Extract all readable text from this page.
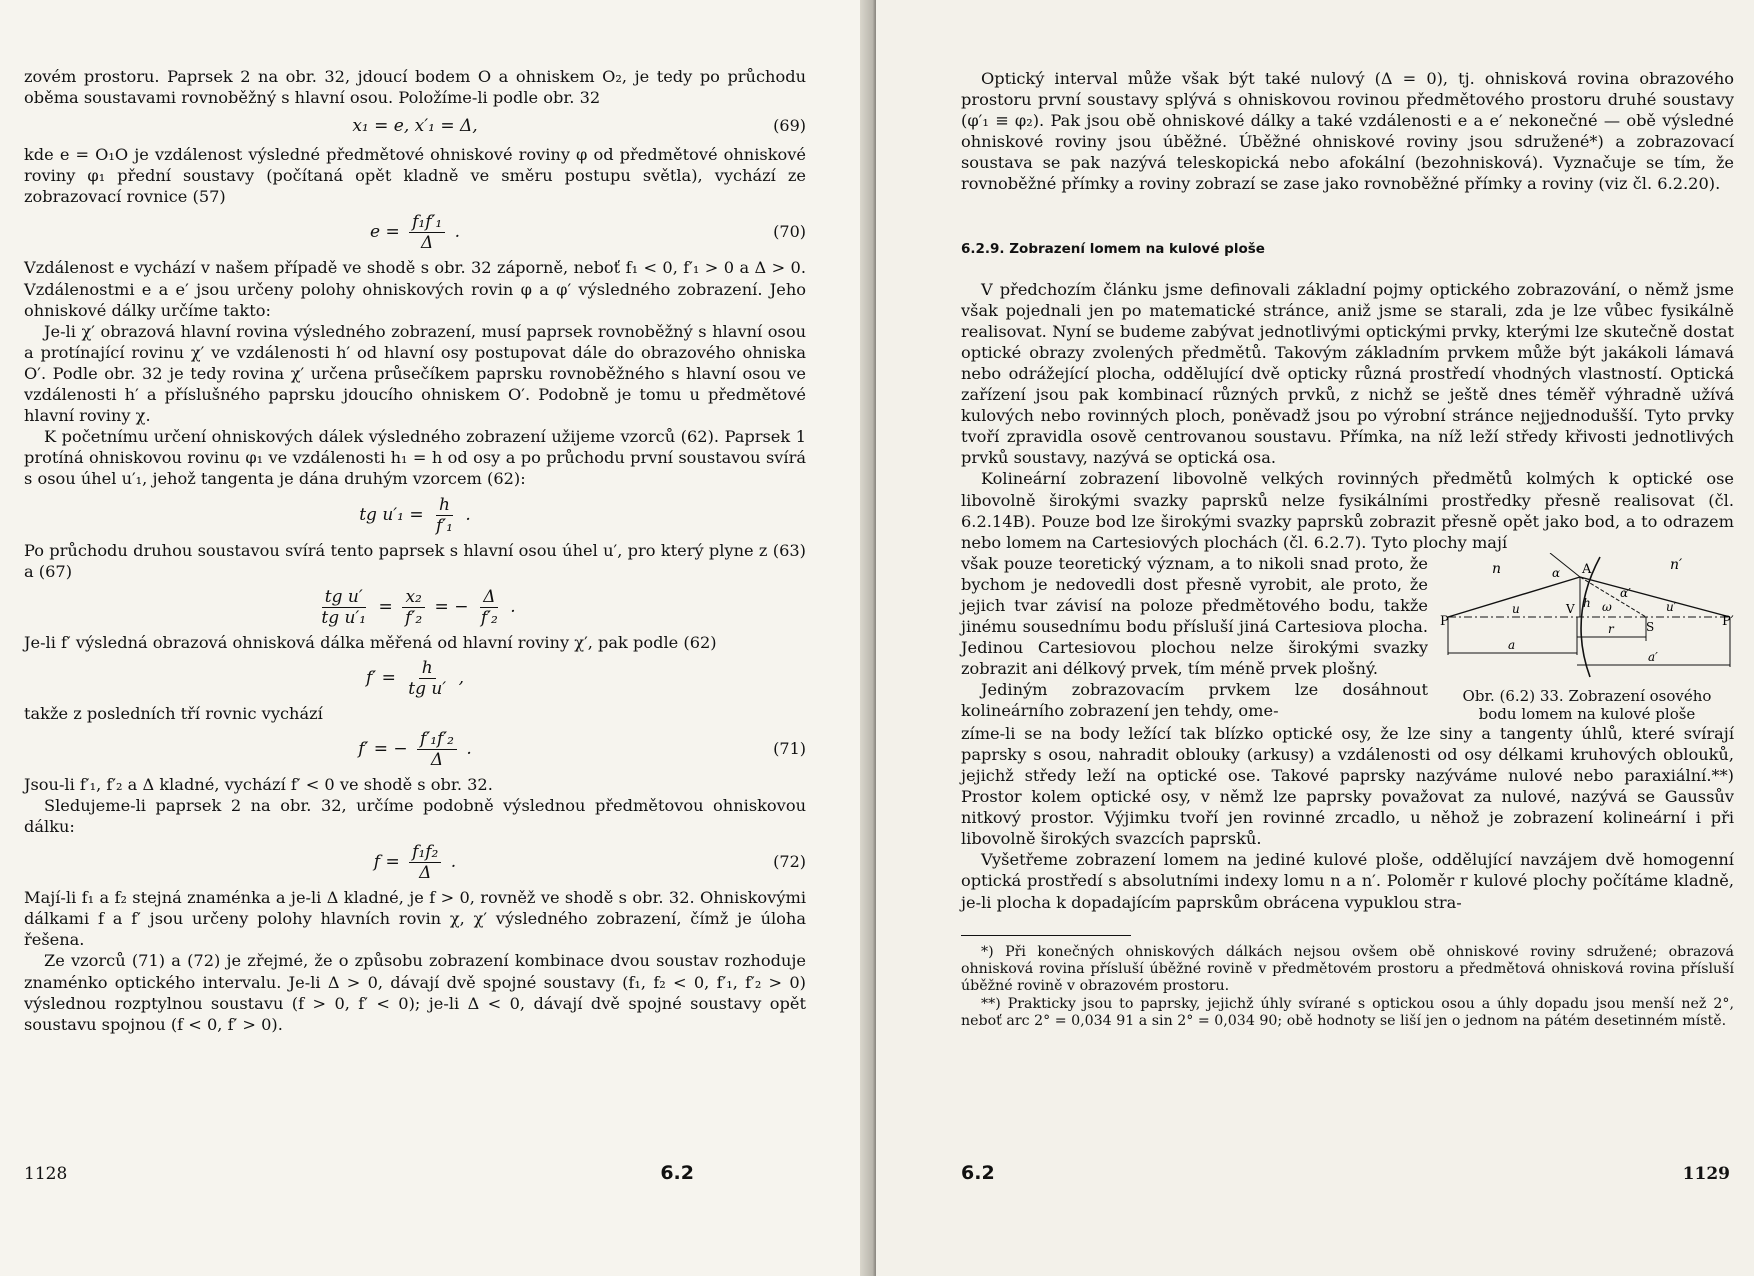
zovém prostoru. Paprsek 2 na obr. 32, jdoucí bodem O a ohniskem O₂, je tedy po průchodu oběma soustavami rovnoběžný s hlavní osou. Položíme-li podle obr. 32

x₁ = e, x′₁ = Δ,	(69)

kde e = O₁O je vzdálenost výsledné předmětové ohniskové roviny φ od předmětové ohniskové roviny φ₁ přední soustavy (počítaná opět kladně ve směru postupu světla), vychází ze zobrazovací rovnice (57)

$e = \frac{\text{f₁f′₁}}{\Delta}$ .	(70)

Vzdálenost e vychází v našem případě ve shodě s obr. 32 záporně, neboť f₁ < 0, f′₁ > 0 a Δ > 0. Vzdálenostmi e a e′ jsou určeny polohy ohniskových rovin φ a φ′ výsledného zobrazení. Jeho ohniskové dálky určíme takto:

Je-li χ′ obrazová hlavní rovina výsledného zobrazení, musí paprsek rovnoběžný s hlavní osou a protínající rovinu χ′ ve vzdálenosti h′ od hlavní osy postupovat dále do obrazového ohniska O′. Podle obr. 32 je tedy rovina χ′ určena průsečíkem paprsku rovnoběžného s hlavní osou ve vzdálenosti h′ a příslušného paprsku jdoucího ohniskem O′. Podobně je tomu u předmětové hlavní roviny χ.

K početnímu určení ohniskových dálek výsledného zobrazení užijeme vzorců (62). Paprsek 1 protíná ohniskovou rovinu φ₁ ve vzdálenosti h₁ = h od osy a po průchodu první soustavou svírá s osou úhel u′₁, jehož tangenta je dána druhým vzorcem (62):

tg $u'_1 = \frac{h}{\text{f′₁}}$ .

Po průchodu druhou soustavou svírá tento paprsek s hlavní osou úhel u′, pro který plyne z (63) a (67)

$\frac{\text{tg u′}}{\text{tg u′₁}} = \frac{\text{x₂}}{\text{f′₂}}$ = − $\frac{\Delta}{\text{f′₂}}$ .

Je-li f′ výsledná obrazová ohnisková dálka měřená od hlavní roviny χ′, pak podle (62)

$f' = \frac{h}{\text{tg u′}}$ ,

takže z posledních tří rovnic vychází

f′ = − $\frac{\text{f′₁f′₂}}{\Delta}$ .	(71)

Jsou-li f′₁, f′₂ a Δ kladné, vychází f′ < 0 ve shodě s obr. 32.

Sledujeme-li paprsek 2 na obr. 32, určíme podobně výslednou předmětovou ohniskovou dálku:

$f = \frac{\text{f₁f₂}}{\Delta}$ .	(72)

Mají-li f₁ a f₂ stejná znaménka a je-li Δ kladné, je f > 0, rovněž ve shodě s obr. 32. Ohniskovými dálkami f a f′ jsou určeny polohy hlavních rovin χ, χ′ výsledného zobrazení, čímž je úloha řešena.

Ze vzorců (71) a (72) je zřejmé, že o způsobu zobrazení kombinace dvou soustav rozhoduje znaménko optického intervalu. Je-li Δ > 0, dávají dvě spojné soustavy (f₁, f₂ < 0, f′₁, f′₂ > 0) výslednou rozptylnou soustavu (f > 0, f′ < 0); je-li Δ < 0, dávají dvě spojné soustavy opět soustavu spojnou (f < 0, f′ > 0).

1128	6.2

Optický interval může však být také nulový (Δ = 0), tj. ohnisková rovina obrazového prostoru první soustavy splývá s ohniskovou rovinou předmětového prostoru druhé soustavy (φ′₁ ≡ φ₂). Pak jsou obě ohniskové dálky a také vzdálenosti e a e′ nekonečné — obě výsledné ohniskové roviny jsou úběžné. Úběžné ohniskové roviny jsou sdružené*) a zobrazovací soustava se pak nazývá teleskopická nebo afokální (bezohnisková). Vyznačuje se tím, že rovnoběžné přímky a roviny zobrazí se zase jako rovnoběžné přímky a roviny (viz čl. 6.2.20).

6.2.9. Zobrazení lomem na kulové ploše

V předchozím článku jsme definovali základní pojmy optického zobrazování, o němž jsme však pojednali jen po matematické stránce, aniž jsme se starali, zda je lze vůbec fysikálně realisovat. Nyní se budeme zabývat jednotlivými optickými prvky, kterými lze skutečně dostat optické obrazy zvolených předmětů. Takovým základním prvkem může být jakákoli lámavá nebo odrážející plocha, oddělující dvě opticky různá prostředí vhodných vlastností. Optická zařízení jsou pak kombinací různých prvků, z nichž se ještě dnes téměř výhradně užívá kulových nebo rovinných ploch, poněvadž jsou po výrobní stránce nejjednodušší. Tyto prvky tvoří zpravidla osově centrovanou soustavu. Přímka, na níž leží středy křivosti jednotlivých prvků soustavy, nazývá se optická osa.

Kolineární zobrazení libovolně velkých rovinných předmětů kolmých k optické ose libovolně širokými svazky paprsků nelze fysikálními prostředky přesně realisovat (čl. 6.2.14B). Pouze bod lze širokými svazky paprsků zobrazit přesně opět jako bod, a to odrazem nebo lomem na Cartesiových plochách (čl. 6.2.7). Tyto plochy mají

však pouze teoretický význam, a to nikoli snad proto, že bychom je nedovedli dost přesně vyrobit, ale proto, že jejich tvar závisí na poloze předmětového bodu, takže jinému sousednímu bodu přísluší jiná Cartesiova plocha. Jedinou Cartesiovou plochou nelze širokými svazky zobrazit ani délkový prvek, tím méně prvek plošný.

Jediným zobrazovacím prvkem lze dosáhnout kolineárního zobrazení jen tehdy, ome-

n	n′
A
P	P′
V
S
h
u	u′
r
a
a′
α
α′
ω
Obr. (6.2) 33. Zobrazení osového
bodu lomem na kulové ploše

zíme-li se na body ležící tak blízko optické osy, že lze siny a tangenty úhlů, které svírají paprsky s osou, nahradit oblouky (arkusy) a vzdálenosti od osy délkami kruhových oblouků, jejichž středy leží na optické ose. Takové paprsky nazýváme nulové nebo paraxiální.**) Prostor kolem optické osy, v němž lze paprsky považovat za nulové, nazývá se Gaussův nitkový prostor. Výjimku tvoří jen rovinné zrcadlo, u něhož je zobrazení kolineární i při libovolně širokých svazcích paprsků.

Vyšetřeme zobrazení lomem na jediné kulové ploše, oddělující navzájem dvě homogenní optická prostředí s absolutními indexy lomu n a n′. Poloměr r kulové plochy počítáme kladně, je-li plocha k dopadajícím paprskům obrácena vypuklou stra-

*) Při konečných ohniskových dálkách nejsou ovšem obě ohniskové roviny sdružené; obrazová ohnisková rovina přísluší úběžné rovině v předmětovém prostoru a předmětová ohnisková rovina přísluší úběžné rovině v obrazovém prostoru.

**) Prakticky jsou to paprsky, jejichž úhly svírané s optickou osou a úhly dopadu jsou menší než 2°, neboť arc 2° = 0,034 91 a sin 2° = 0,034 90; obě hodnoty se liší jen o jednom na pátém desetinném místě.

6.2	1129
